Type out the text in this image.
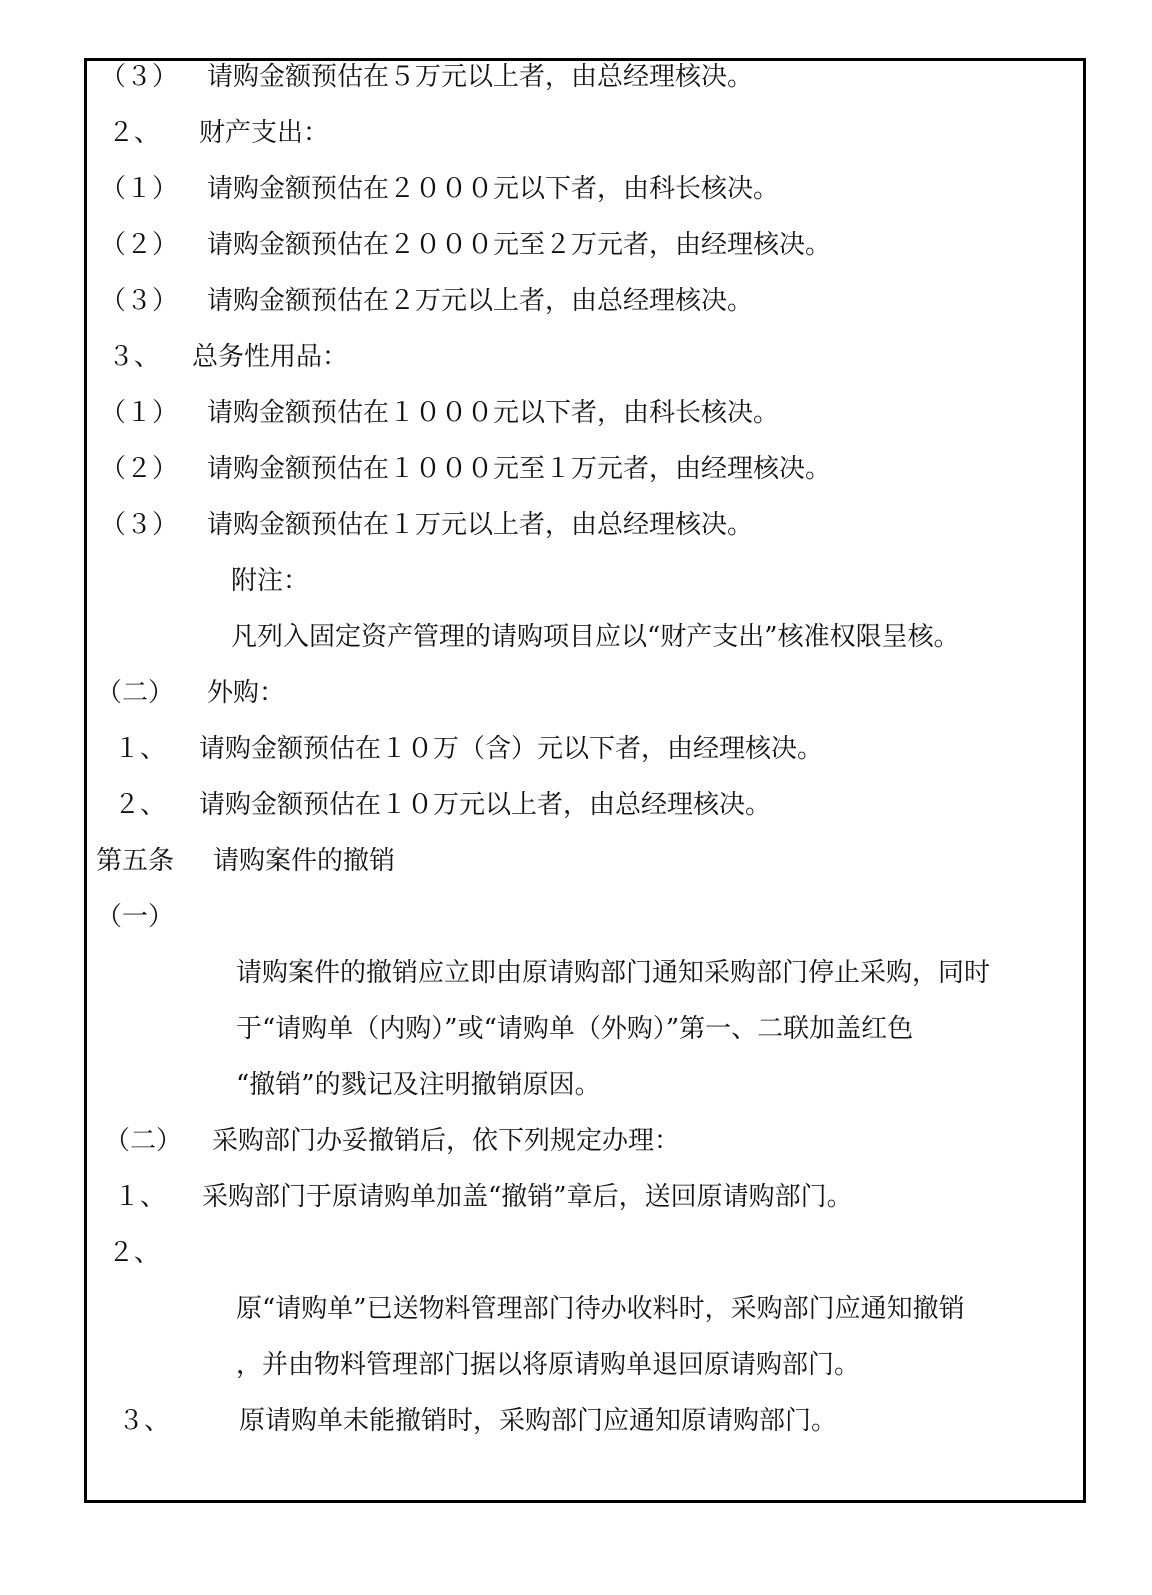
（３） 请购金额预估在５万元以上者，由总经理核决。
２、 财产支出：
（１） 请购金额预估在２０００元以下者，由科长核决。
（２） 请购金额预估在２０００元至２万元者，由经理核决。
（３） 请购金额预估在２万元以上者，由总经理核决。
３、 总务性用品：
（１） 请购金额预估在１０００元以下者，由科长核决。
（２） 请购金额预估在１０００元至１万元者，由经理核决。
（３） 请购金额预估在１万元以上者，由总经理核决。
附注：
凡列入固定资产管理的请购项目应以“财产支出”核准权限呈核。
（二） 外购：
１、 请购金额预估在１０万（含）元以下者，由经理核决。
２、 请购金额预估在１０万元以上者，由总经理核决。
第五条 请购案件的撤销
（一）
请购案件的撤销应立即由原请购部门通知采购部门停止采购，同时
于“请购单（内购）”或“请购单（外购）”第一、二联加盖红色
“撤销”的戮记及注明撤销原因。
（二） 采购部门办妥撤销后，依下列规定办理：
１、 采购部门于原请购单加盖“撤销”章后，送回原请购部门。
２、
原“请购单”已送物料管理部门待办收料时，采购部门应通知撤销
，并由物料管理部门据以将原请购单退回原请购部门。
３、	原请购单未能撤销时，采购部门应通知原请购部门。
